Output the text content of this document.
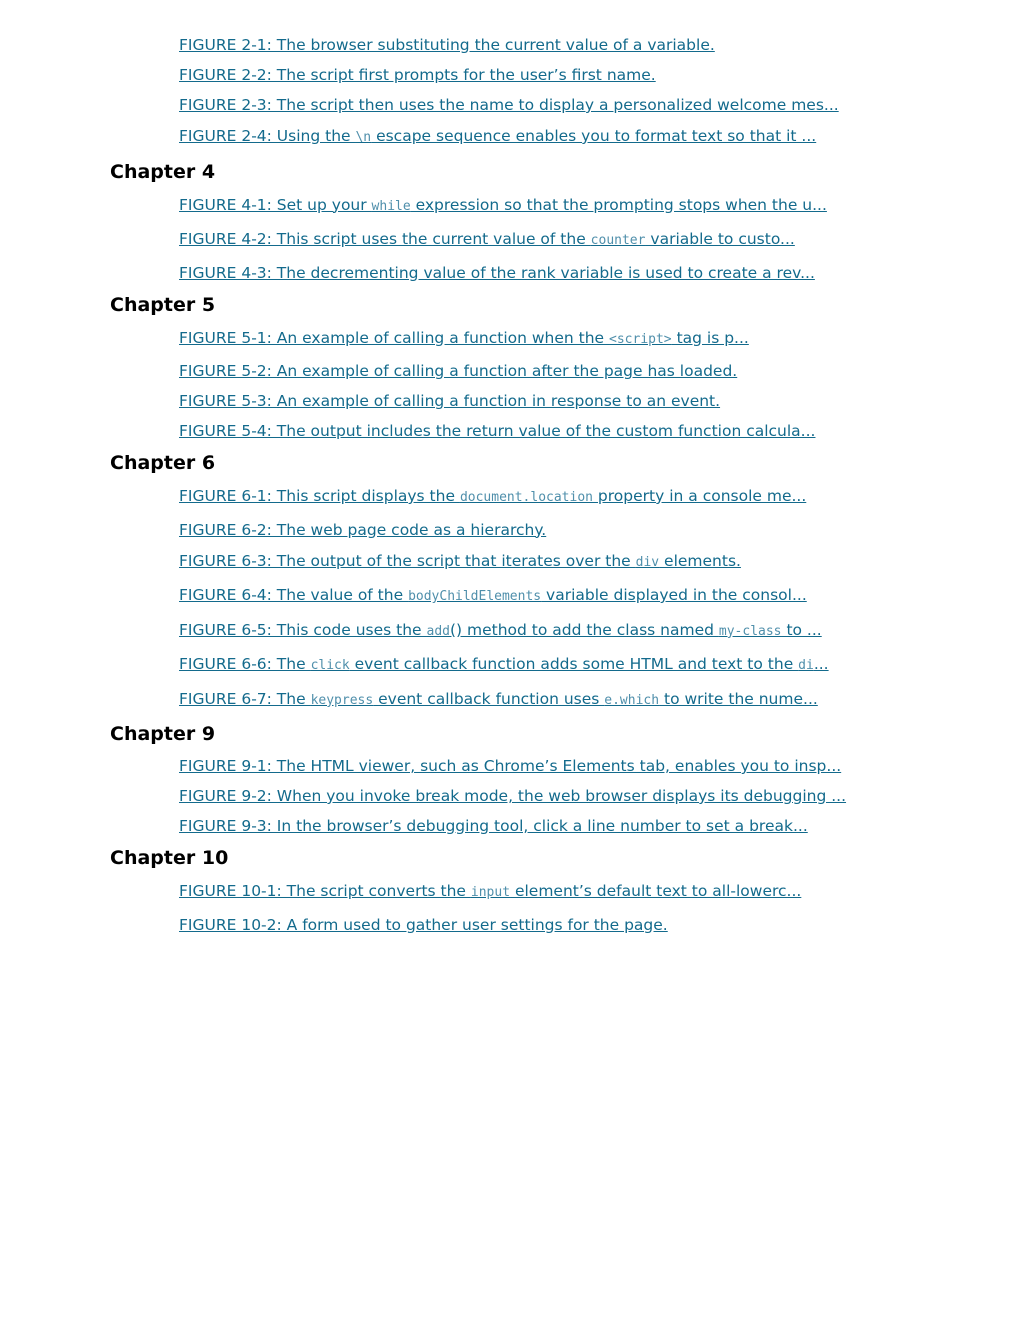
FIGURE 2-1: The browser substituting the current value of a variable.
FIGURE 2-2: The script first prompts for the user’s first name.
FIGURE 2-3: The script then uses the name to display a personalized welcome mes...
FIGURE 2-4: Using the \n escape sequence enables you to format text so that it ...
Chapter 4
FIGURE 4-1: Set up your while expression so that the prompting stops when the u...
FIGURE 4-2: This script uses the current value of the counter variable to custo...
FIGURE 4-3: The decrementing value of the rank variable is used to create a rev...
Chapter 5
FIGURE 5-1: An example of calling a function when the <script> tag is p...
FIGURE 5-2: An example of calling a function after the page has loaded.
FIGURE 5-3: An example of calling a function in response to an event.
FIGURE 5-4: The output includes the return value of the custom function calcula...
Chapter 6
FIGURE 6-1: This script displays the document.location property in a console me...
FIGURE 6-2: The web page code as a hierarchy.
FIGURE 6-3: The output of the script that iterates over the div elements.
FIGURE 6-4: The value of the bodyChildElements variable displayed in the consol...
FIGURE 6-5: This code uses the add() method to add the class named my-class to ...
FIGURE 6-6: The click event callback function adds some HTML and text to the di...
FIGURE 6-7: The keypress event callback function uses e.which to write the nume...
Chapter 9
FIGURE 9-1: The HTML viewer, such as Chrome’s Elements tab, enables you to insp...
FIGURE 9-2: When you invoke break mode, the web browser displays its debugging ...
FIGURE 9-3: In the browser’s debugging tool, click a line number to set a break...
Chapter 10
FIGURE 10-1: The script converts the input element’s default text to all-lowerc...
FIGURE 10-2: A form used to gather user settings for the page.
